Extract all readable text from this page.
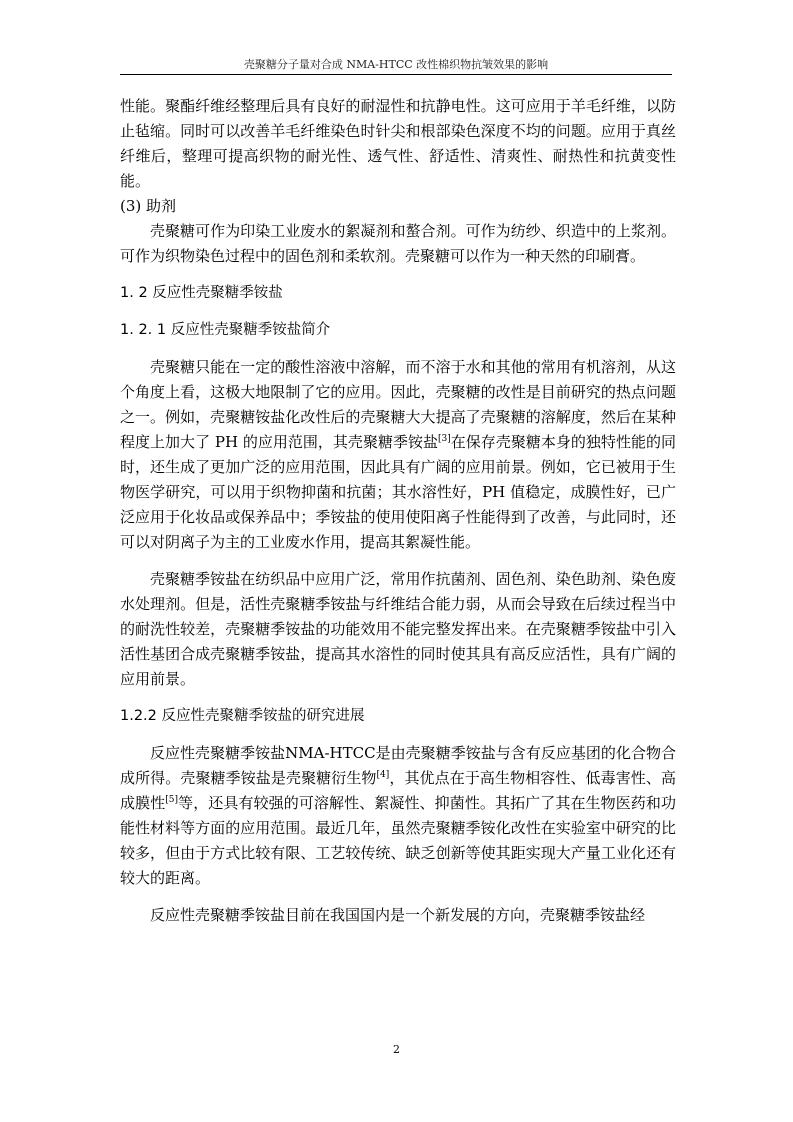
壳聚糖分子量对合成 NMA-HTCC 改性棉织物抗皱效果的影响

性能。聚酯纤维经整理后具有良好的耐湿性和抗静电性。这可应用于羊毛纤维，以防止毡缩。同时可以改善羊毛纤维染色时针尖和根部染色深度不均的问题。应用于真丝纤维后，整理可提高织物的耐光性、透气性、舒适性、清爽性、耐热性和抗黄变性能。

(3) 助剂

壳聚糖可作为印染工业废水的絮凝剂和螯合剂。可作为纺纱、织造中的上浆剂。可作为织物染色过程中的固色剂和柔软剂。壳聚糖可以作为一种天然的印刷膏。

1. 2 反应性壳聚糖季铵盐
1. 2. 1 反应性壳聚糖季铵盐简介

壳聚糖只能在一定的酸性溶液中溶解，而不溶于水和其他的常用有机溶剂，从这个角度上看，这极大地限制了它的应用。因此，壳聚糖的改性是目前研究的热点问题之一。例如，壳聚糖铵盐化改性后的壳聚糖大大提高了壳聚糖的溶解度，然后在某种程度上加大了 PH 的应用范围，其壳聚糖季铵盐[3]在保存壳聚糖本身的独特性能的同时，还生成了更加广泛的应用范围，因此具有广阔的应用前景。例如，它已被用于生物医学研究，可以用于织物抑菌和抗菌；其水溶性好，PH 值稳定，成膜性好，已广泛应用于化妆品或保养品中；季铵盐的使用使阳离子性能得到了改善，与此同时，还可以对阴离子为主的工业废水作用，提高其絮凝性能。

壳聚糖季铵盐在纺织品中应用广泛，常用作抗菌剂、固色剂、染色助剂、染色废水处理剂。但是，活性壳聚糖季铵盐与纤维结合能力弱，从而会导致在后续过程当中的耐洗性较差，壳聚糖季铵盐的功能效用不能完整发挥出来。在壳聚糖季铵盐中引入活性基团合成壳聚糖季铵盐，提高其水溶性的同时使其具有高反应活性，具有广阔的应用前景。

1.2.2 反应性壳聚糖季铵盐的研究进展

反应性壳聚糖季铵盐NMA-HTCC是由壳聚糖季铵盐与含有反应基团的化合物合成所得。壳聚糖季铵盐是壳聚糖衍生物[4]，其优点在于高生物相容性、低毒害性、高成膜性[5]等，还具有较强的可溶解性、絮凝性、抑菌性。其拓广了其在生物医药和功能性材料等方面的应用范围。最近几年，虽然壳聚糖季铵化改性在实验室中研究的比较多，但由于方式比较有限、工艺较传统、缺乏创新等使其距实现大产量工业化还有较大的距离。

反应性壳聚糖季铵盐目前在我国国内是一个新发展的方向，壳聚糖季铵盐经

2
